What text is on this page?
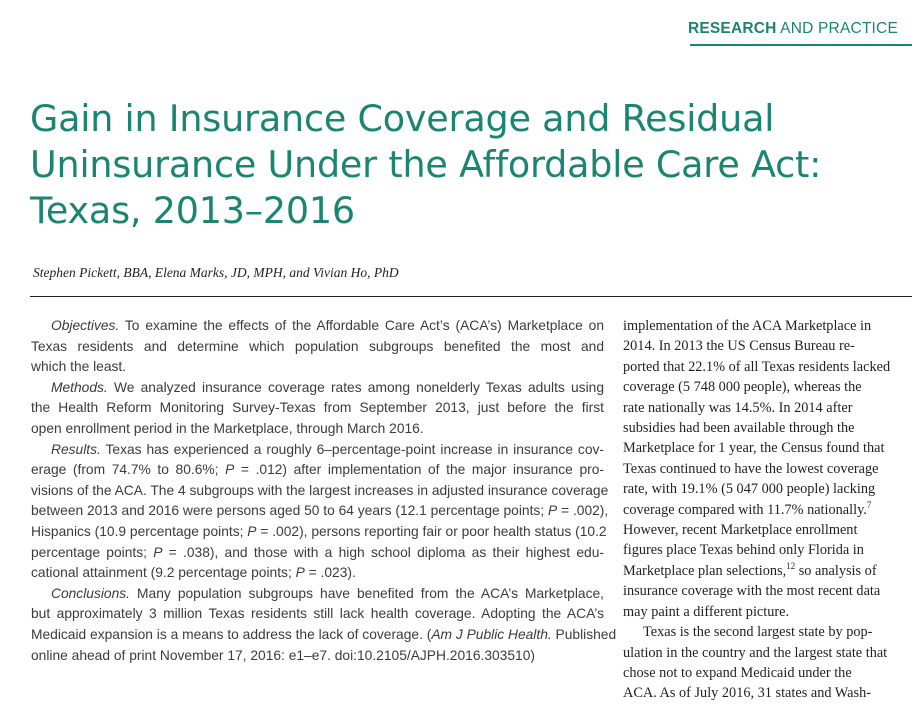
RESEARCH AND PRACTICE
Gain in Insurance Coverage and Residual
Uninsurance Under the Affordable Care Act:
Texas, 2013–2016

Stephen Pickett, BBA, Elena Marks, JD, MPH, and Vivian Ho, PhD

Objectives. To examine the effects of the Affordable Care Act’s (ACA’s) Marketplace on
Texas residents and determine which population subgroups benefited the most and
which the least.

Methods. We analyzed insurance coverage rates among nonelderly Texas adults using
the Health Reform Monitoring Survey-Texas from September 2013, just before the first
open enrollment period in the Marketplace, through March 2016.

Results. Texas has experienced a roughly 6–percentage-point increase in insurance cov-
erage (from 74.7% to 80.6%; P = .012) after implementation of the major insurance pro-
visions of the ACA. The 4 subgroups with the largest increases in adjusted insurance coverage
between 2013 and 2016 were persons aged 50 to 64 years (12.1 percentage points; P = .002),
Hispanics (10.9 percentage points; P = .002), persons reporting fair or poor health status (10.2
percentage points; P = .038), and those with a high school diploma as their highest edu-
cational attainment (9.2 percentage points; P = .023).

Conclusions. Many population subgroups have benefited from the ACA’s Marketplace,
but approximately 3 million Texas residents still lack health coverage. Adopting the ACA’s
Medicaid expansion is a means to address the lack of coverage. (Am J Public Health. Published
online ahead of print November 17, 2016: e1–e7. doi:10.2105/AJPH.2016.303510)

implementation of the ACA Marketplace in
2014. In 2013 the US Census Bureau re-
ported that 22.1% of all Texas residents lacked
coverage (5 748 000 people), whereas the
rate nationally was 14.5%. In 2014 after
subsidies had been available through the
Marketplace for 1 year, the Census found that
Texas continued to have the lowest coverage
rate, with 19.1% (5 047 000 people) lacking
coverage compared with 11.7% nationally.$^7$
However, recent Marketplace enrollment
figures place Texas behind only Florida in
Marketplace plan selections,$^{12}$ so analysis of
insurance coverage with the most recent data
may paint a different picture.
Texas is the second largest state by pop-
ulation in the country and the largest state that
chose not to expand Medicaid under the
ACA. As of July 2016, 31 states and Wash-
